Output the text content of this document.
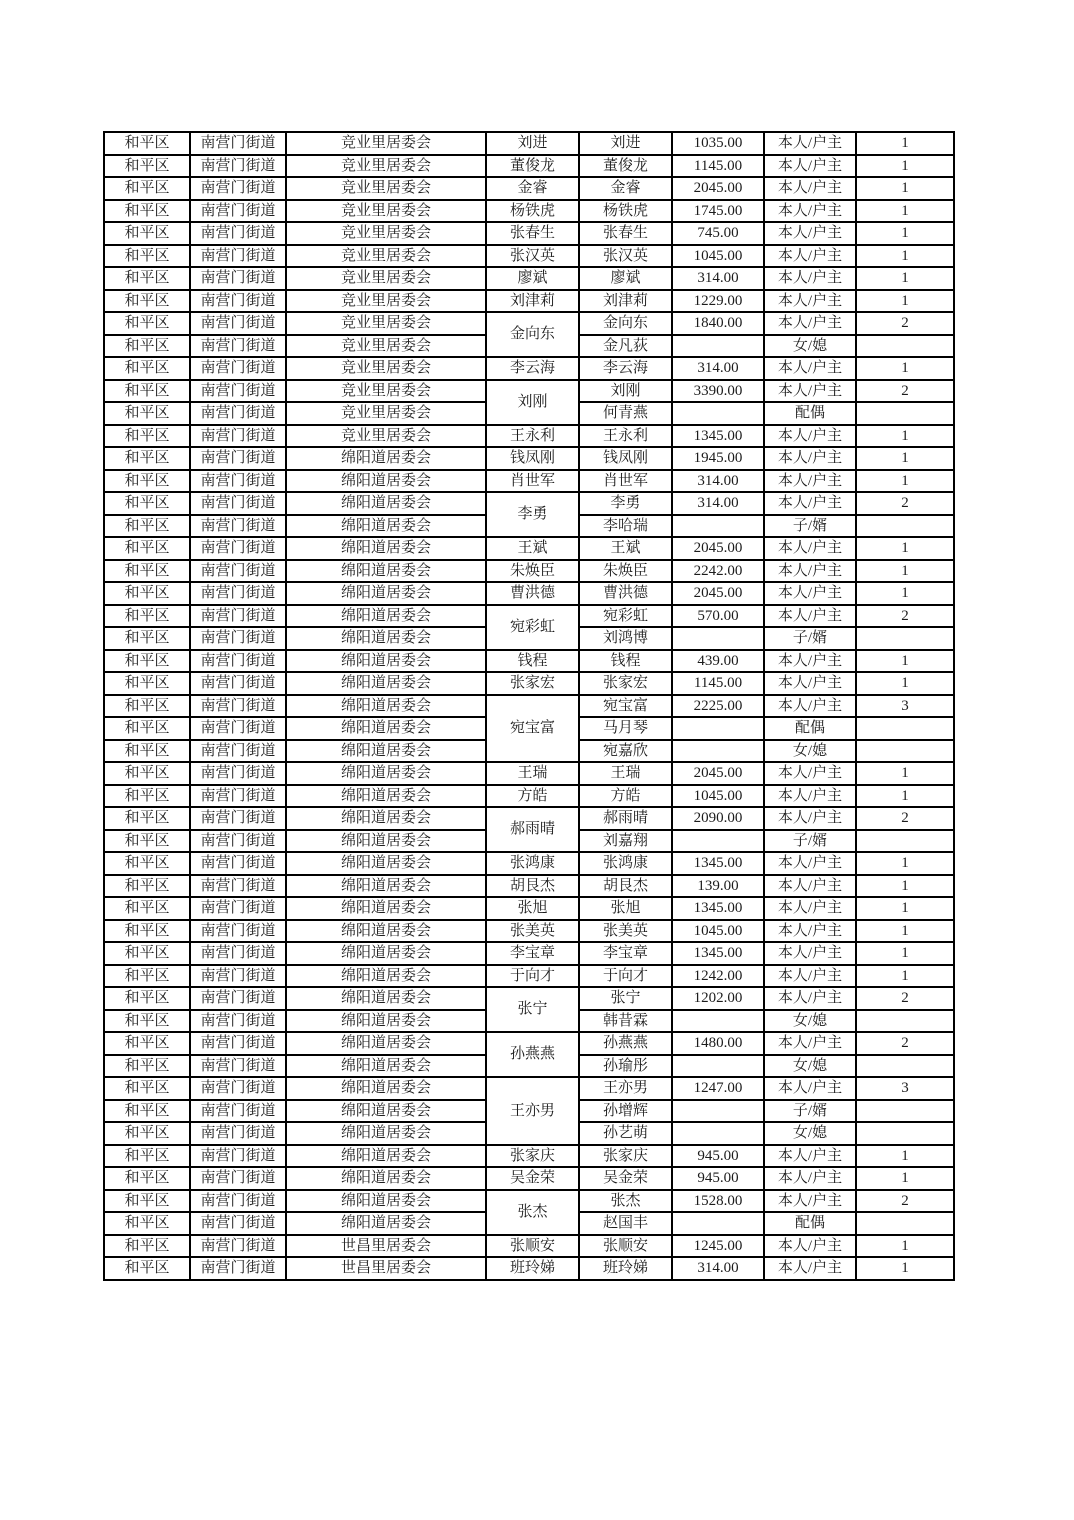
和平区	南营门街道	竞业里居委会	刘进	刘进	1035.00	本人/户主	1
和平区	南营门街道	竞业里居委会	董俊龙	董俊龙	1145.00	本人/户主	1
和平区	南营门街道	竞业里居委会	金睿	金睿	2045.00	本人/户主	1
和平区	南营门街道	竞业里居委会	杨铁虎	杨铁虎	1745.00	本人/户主	1
和平区	南营门街道	竞业里居委会	张春生	张春生	745.00	本人/户主	1
和平区	南营门街道	竞业里居委会	张汉英	张汉英	1045.00	本人/户主	1
和平区	南营门街道	竞业里居委会	廖斌	廖斌	314.00	本人/户主	1
和平区	南营门街道	竞业里居委会	刘津莉	刘津莉	1229.00	本人/户主	1
和平区	南营门街道	竞业里居委会	金向东	金向东	1840.00	本人/户主	2
和平区	南营门街道	竞业里居委会		金凡荻		女/媳	
和平区	南营门街道	竞业里居委会	李云海	李云海	314.00	本人/户主	1
和平区	南营门街道	竞业里居委会	刘刚	刘刚	3390.00	本人/户主	2
和平区	南营门街道	竞业里居委会		何青燕		配偶	
和平区	南营门街道	竞业里居委会	王永利	王永利	1345.00	本人/户主	1
和平区	南营门街道	绵阳道居委会	钱凤刚	钱凤刚	1945.00	本人/户主	1
和平区	南营门街道	绵阳道居委会	肖世军	肖世军	314.00	本人/户主	1
和平区	南营门街道	绵阳道居委会	李勇	李勇	314.00	本人/户主	2
和平区	南营门街道	绵阳道居委会		李哈瑞		子/婿	
和平区	南营门街道	绵阳道居委会	王斌	王斌	2045.00	本人/户主	1
和平区	南营门街道	绵阳道居委会	朱焕臣	朱焕臣	2242.00	本人/户主	1
和平区	南营门街道	绵阳道居委会	曹洪德	曹洪德	2045.00	本人/户主	1
和平区	南营门街道	绵阳道居委会	宛彩虹	宛彩虹	570.00	本人/户主	2
和平区	南营门街道	绵阳道居委会		刘鸿博		子/婿	
和平区	南营门街道	绵阳道居委会	钱程	钱程	439.00	本人/户主	1
和平区	南营门街道	绵阳道居委会	张家宏	张家宏	1145.00	本人/户主	1
和平区	南营门街道	绵阳道居委会	宛宝富	宛宝富	2225.00	本人/户主	3
和平区	南营门街道	绵阳道居委会		马月琴		配偶	
和平区	南营门街道	绵阳道居委会		宛嘉欣		女/媳	
和平区	南营门街道	绵阳道居委会	王瑞	王瑞	2045.00	本人/户主	1
和平区	南营门街道	绵阳道居委会	方皓	方皓	1045.00	本人/户主	1
和平区	南营门街道	绵阳道居委会	郝雨晴	郝雨晴	2090.00	本人/户主	2
和平区	南营门街道	绵阳道居委会		刘嘉翔		子/婿	
和平区	南营门街道	绵阳道居委会	张鸿康	张鸿康	1345.00	本人/户主	1
和平区	南营门街道	绵阳道居委会	胡艮杰	胡艮杰	139.00	本人/户主	1
和平区	南营门街道	绵阳道居委会	张旭	张旭	1345.00	本人/户主	1
和平区	南营门街道	绵阳道居委会	张美英	张美英	1045.00	本人/户主	1
和平区	南营门街道	绵阳道居委会	李宝章	李宝章	1345.00	本人/户主	1
和平区	南营门街道	绵阳道居委会	于向才	于向才	1242.00	本人/户主	1
和平区	南营门街道	绵阳道居委会	张宁	张宁	1202.00	本人/户主	2
和平区	南营门街道	绵阳道居委会		韩昔霖		女/媳	
和平区	南营门街道	绵阳道居委会	孙燕燕	孙燕燕	1480.00	本人/户主	2
和平区	南营门街道	绵阳道居委会		孙瑜彤		女/媳	
和平区	南营门街道	绵阳道居委会	王亦男	王亦男	1247.00	本人/户主	3
和平区	南营门街道	绵阳道居委会		孙增辉		子/婿	
和平区	南营门街道	绵阳道居委会		孙艺萌		女/媳	
和平区	南营门街道	绵阳道居委会	张家庆	张家庆	945.00	本人/户主	1
和平区	南营门街道	绵阳道居委会	吴金荣	吴金荣	945.00	本人/户主	1
和平区	南营门街道	绵阳道居委会	张杰	张杰	1528.00	本人/户主	2
和平区	南营门街道	绵阳道居委会		赵国丰		配偶	
和平区	南营门街道	世昌里居委会	张顺安	张顺安	1245.00	本人/户主	1
和平区	南营门街道	世昌里居委会	班玲娣	班玲娣	314.00	本人/户主	1
